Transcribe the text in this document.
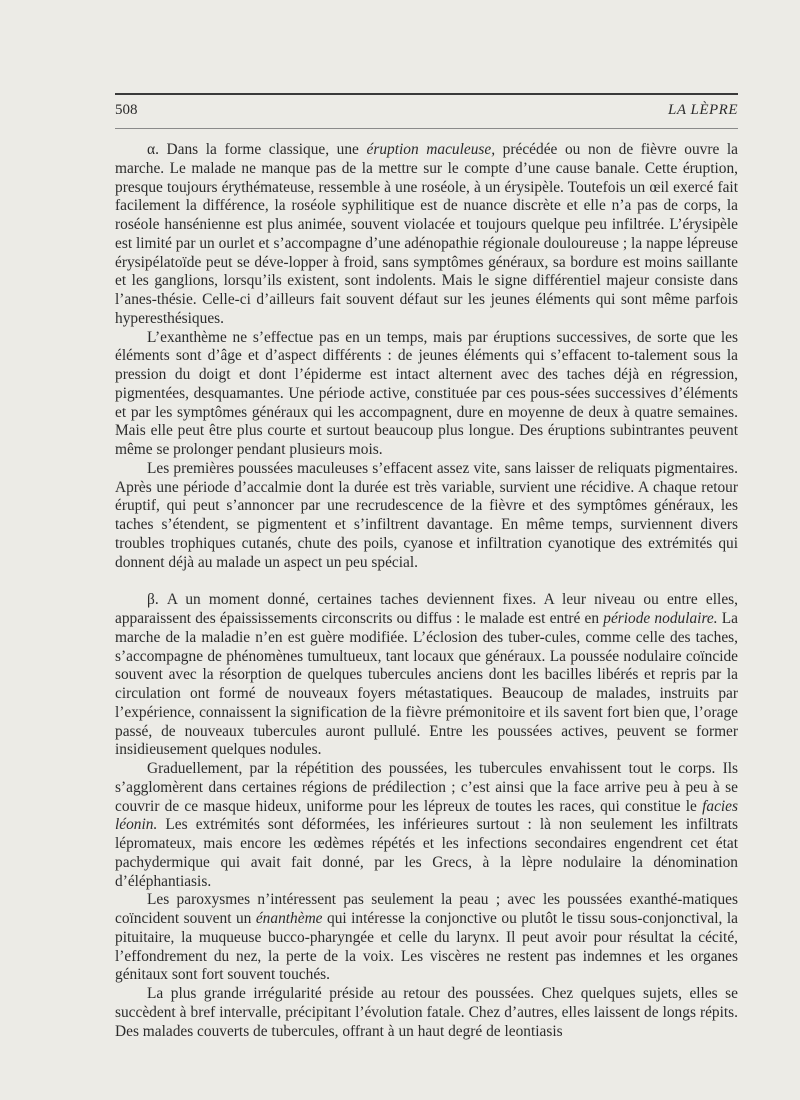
508	LA LÈPRE

α. Dans la forme classique, une éruption maculeuse, précédée ou non de fièvre ouvre la marche. Le malade ne manque pas de la mettre sur le compte d’une cause banale. Cette éruption, presque toujours érythémateuse, ressemble à une roséole, à un érysipèle. Toutefois un œil exercé fait facilement la différence, la roséole syphilitique est de nuance discrète et elle n’a pas de corps, la roséole hansénienne est plus animée, souvent violacée et toujours quelque peu infiltrée. L’érysipèle est limité par un ourlet et s’accompagne d’une adénopathie régionale douloureuse ; la nappe lépreuse érysipélatoïde peut se déve-lopper à froid, sans symptômes généraux, sa bordure est moins saillante et les ganglions, lorsqu’ils existent, sont indolents. Mais le signe différentiel majeur consiste dans l’anes-thésie. Celle-ci d’ailleurs fait souvent défaut sur les jeunes éléments qui sont même parfois hyperesthésiques.

L’exanthème ne s’effectue pas en un temps, mais par éruptions successives, de sorte que les éléments sont d’âge et d’aspect différents : de jeunes éléments qui s’effacent to-talement sous la pression du doigt et dont l’épiderme est intact alternent avec des taches déjà en régression, pigmentées, desquamantes. Une période active, constituée par ces pous-sées successives d’éléments et par les symptômes généraux qui les accompagnent, dure en moyenne de deux à quatre semaines. Mais elle peut être plus courte et surtout beaucoup plus longue. Des éruptions subintrantes peuvent même se prolonger pendant plusieurs mois.

Les premières poussées maculeuses s’effacent assez vite, sans laisser de reliquats pigmentaires. Après une période d’accalmie dont la durée est très variable, survient une récidive. A chaque retour éruptif, qui peut s’annoncer par une recrudescence de la fièvre et des symptômes généraux, les taches s’étendent, se pigmentent et s’infiltrent davantage. En même temps, surviennent divers troubles trophiques cutanés, chute des poils, cyanose et infiltration cyanotique des extrémités qui donnent déjà au malade un aspect un peu spécial.

β. A un moment donné, certaines taches deviennent fixes. A leur niveau ou entre elles, apparaissent des épaississements circonscrits ou diffus : le malade est entré en période nodulaire. La marche de la maladie n’en est guère modifiée. L’éclosion des tuber-cules, comme celle des taches, s’accompagne de phénomènes tumultueux, tant locaux que généraux. La poussée nodulaire coïncide souvent avec la résorption de quelques tubercules anciens dont les bacilles libérés et repris par la circulation ont formé de nouveaux foyers métastatiques. Beaucoup de malades, instruits par l’expérience, connaissent la signification de la fièvre prémonitoire et ils savent fort bien que, l’orage passé, de nouveaux tubercules auront pullulé. Entre les poussées actives, peuvent se former insidieusement quelques nodules.

Graduellement, par la répétition des poussées, les tubercules envahissent tout le corps. Ils s’agglomèrent dans certaines régions de prédilection ; c’est ainsi que la face arrive peu à peu à se couvrir de ce masque hideux, uniforme pour les lépreux de toutes les races, qui constitue le facies léonin. Les extrémités sont déformées, les inférieures surtout : là non seulement les infiltrats lépromateux, mais encore les œdèmes répétés et les infections secondaires engendrent cet état pachydermique qui avait fait donné, par les Grecs, à la lèpre nodulaire la dénomination d’éléphantiasis.

Les paroxysmes n’intéressent pas seulement la peau ; avec les poussées exanthé-matiques coïncident souvent un énanthème qui intéresse la conjonctive ou plutôt le tissu sous-conjonctival, la pituitaire, la muqueuse bucco-pharyngée et celle du larynx. Il peut avoir pour résultat la cécité, l’effondrement du nez, la perte de la voix. Les viscères ne restent pas indemnes et les organes génitaux sont fort souvent touchés.

La plus grande irrégularité préside au retour des poussées. Chez quelques sujets, elles se succèdent à bref intervalle, précipitant l’évolution fatale. Chez d’autres, elles laissent de longs répits. Des malades couverts de tubercules, offrant à un haut degré de leontiasis
